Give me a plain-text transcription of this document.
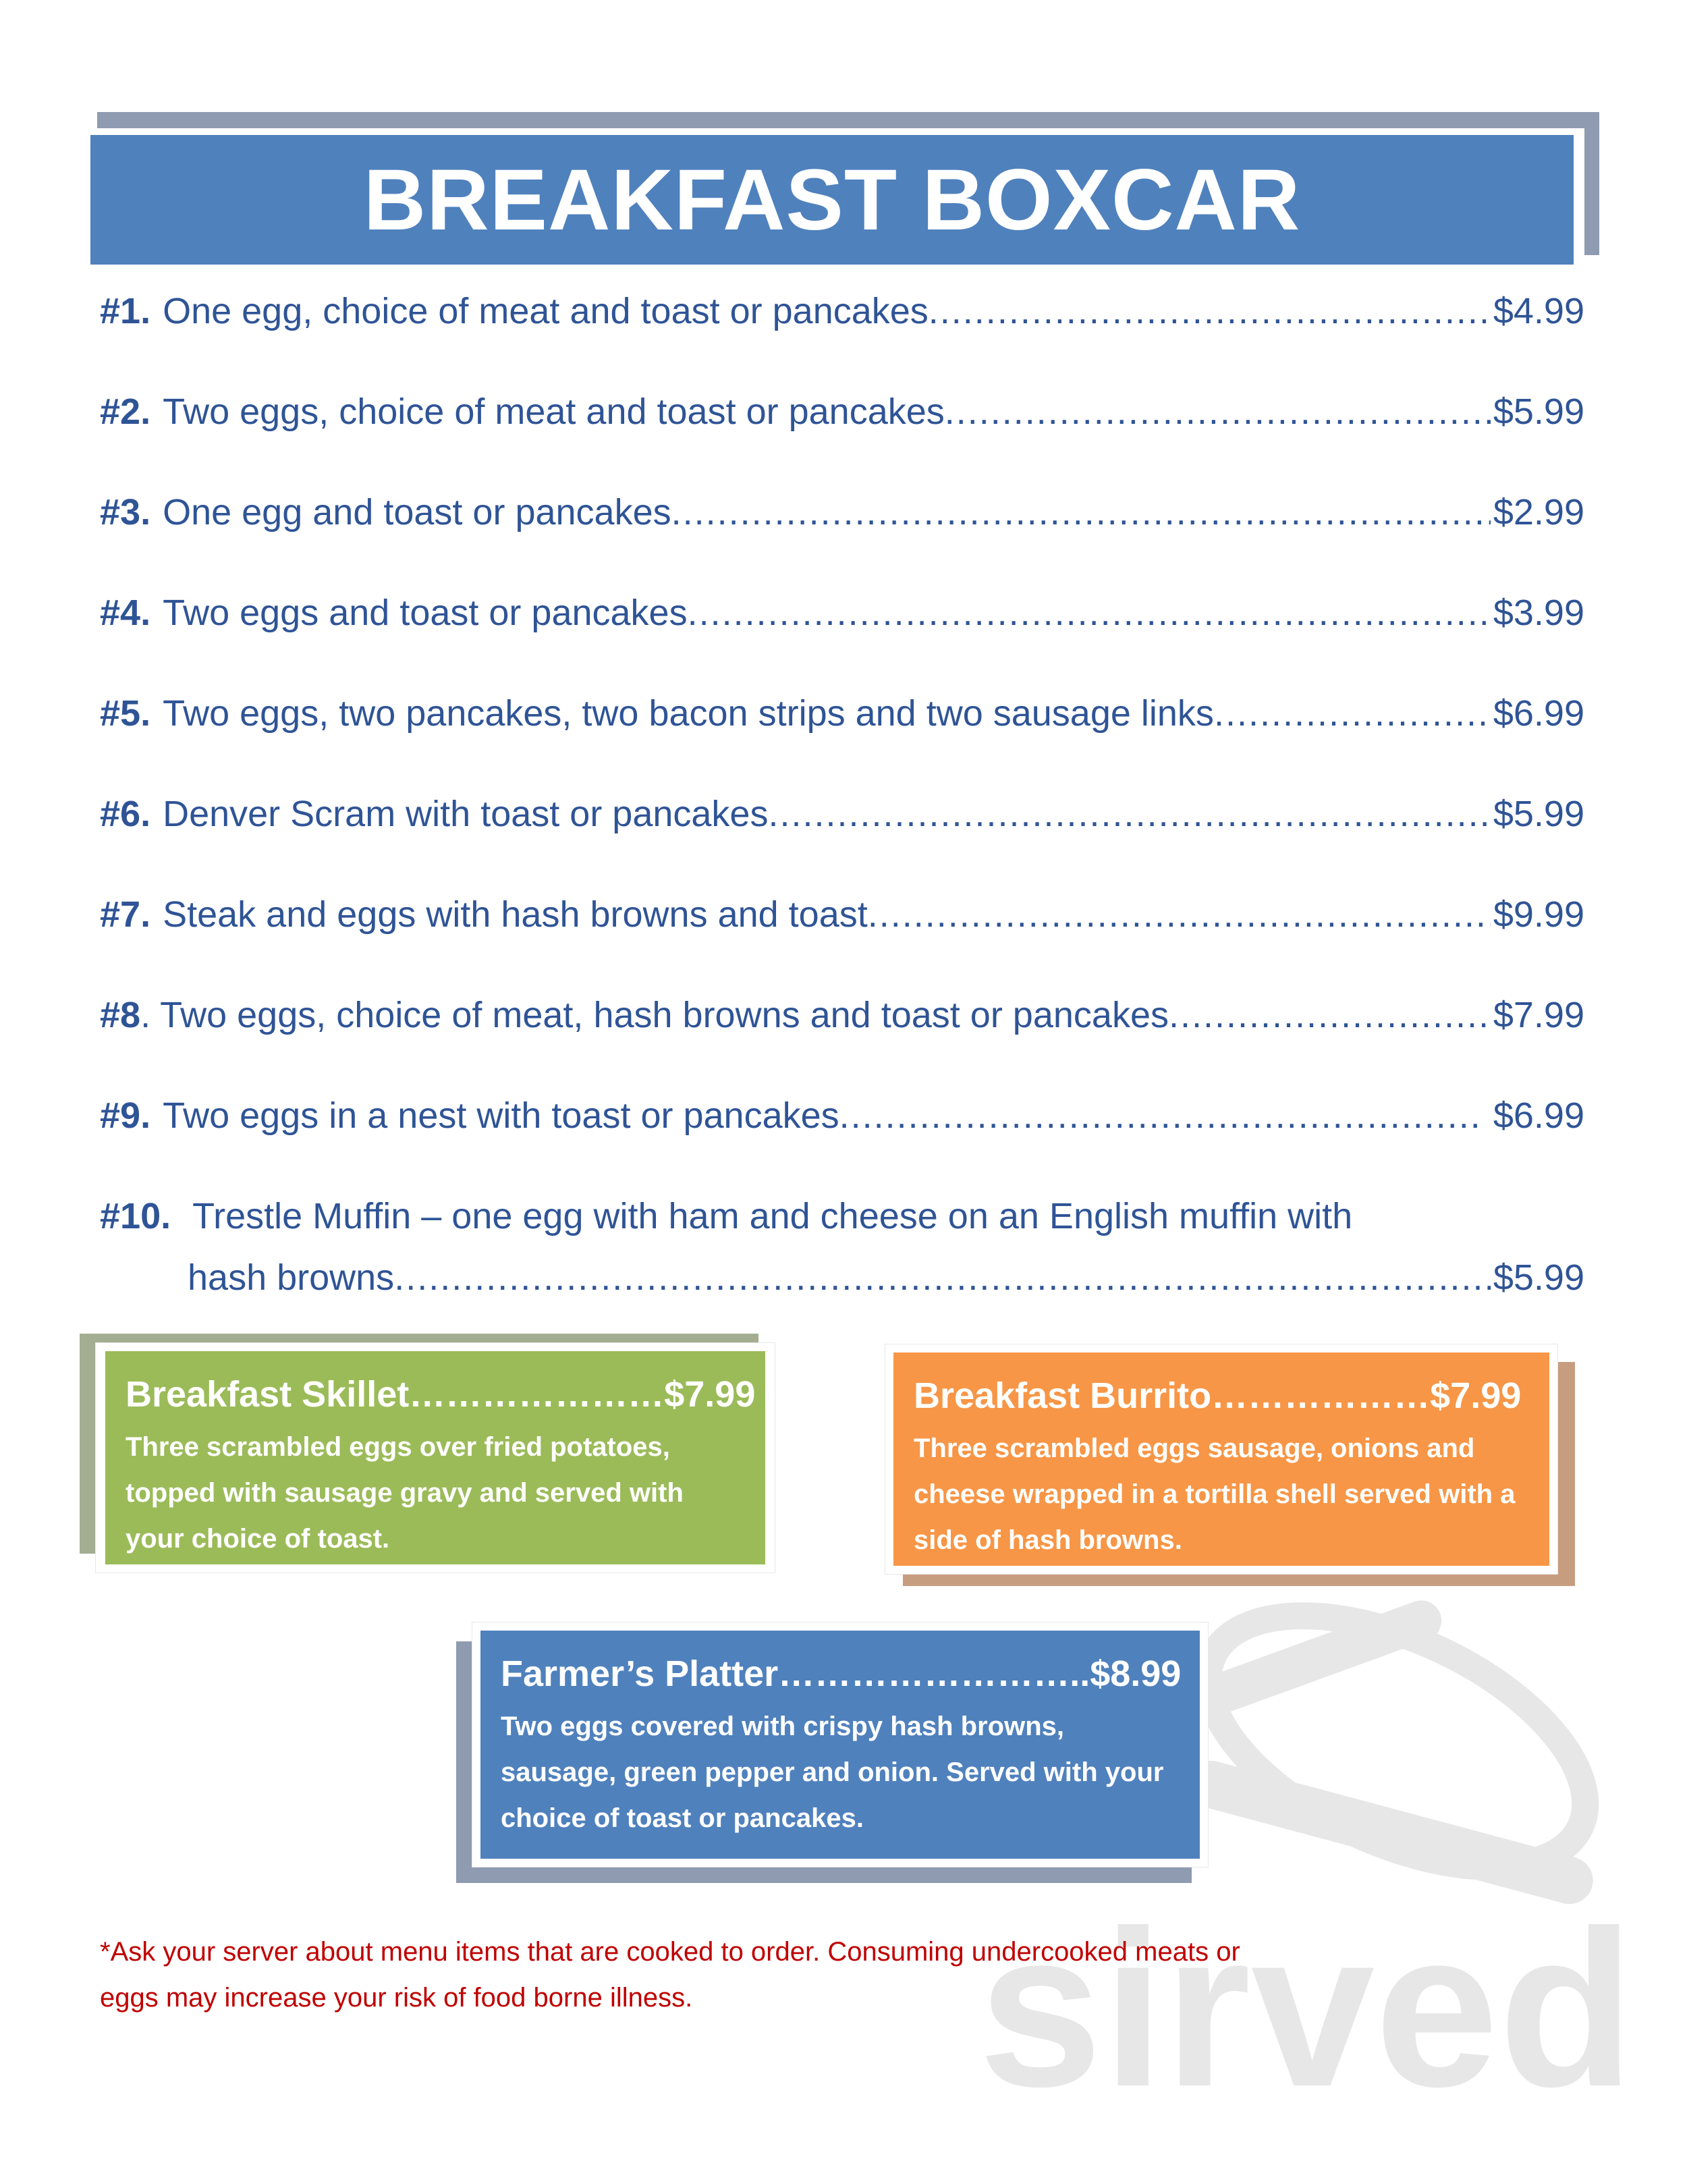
BREAKFAST BOXCAR
#1. One egg, choice of meat and toast or pancakes .....	$4.99
#2. Two eggs, choice of meat and toast or pancakes .....	$5.99
#3. One egg and toast or pancakes .....	$2.99
#4. Two eggs and toast or pancakes .....	$3.99
#5. Two eggs, two pancakes, two bacon strips and two sausage links .....	$6.99
#6. Denver Scram with toast or pancakes .....	$5.99
#7. Steak and eggs with hash browns and toast .....	$9.99
#8 . Two eggs, choice of meat, hash browns and toast or pancakes .....	$7.99
#9. Two eggs in a nest with toast or pancakes .....	$6.99
#10. Trestle Muffin – one egg with ham and cheese on an English muffin with
hash browns .....	$5.99
sirved
Breakfast Skillet…………………$7.99
Three scrambled eggs over fried potatoes, topped with sausage gravy and served with your choice of toast.
Breakfast Burrito………………$7.99
Three scrambled eggs sausage, onions and cheese wrapped in a tortilla shell served with a side of hash browns.
Farmer’s Platter……………………..$8.99
Two eggs covered with crispy hash browns, sausage, green pepper and onion. Served with your choice of toast or pancakes.
*Ask your server about menu items that are cooked to order. Consuming undercooked meats or eggs may increase your risk of food borne illness.
